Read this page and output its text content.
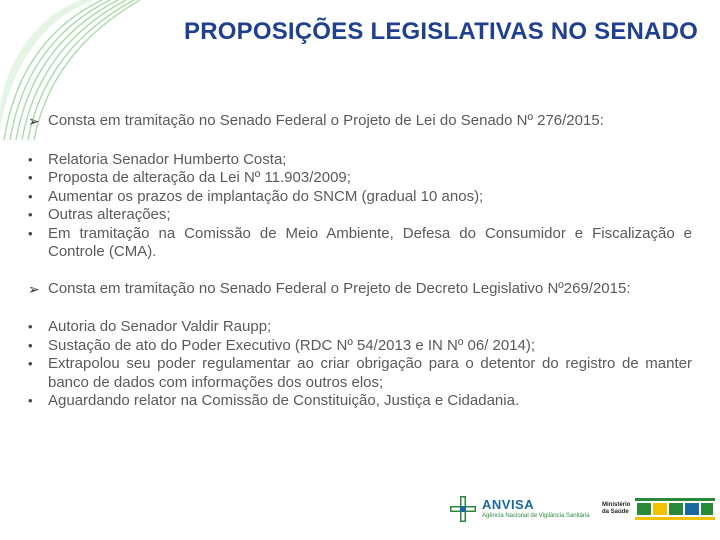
PROPOSIÇÕES LEGISLATIVAS NO SENADO
➢ Consta em tramitação no Senado Federal o Projeto de Lei do Senado Nº 276/2015:
•	Relatoria Senador Humberto Costa;
•	Proposta de alteração da Lei Nº 11.903/2009;
•	Aumentar os prazos de implantação do SNCM (gradual 10 anos);
•	Outras alterações;
•	Em tramitação na Comissão de Meio Ambiente, Defesa do Consumidor e Fiscalização e Controle (CMA).
➢ Consta em tramitação no Senado Federal o Prejeto de Decreto Legislativo Nº269/2015:
•	Autoria do Senador Valdir Raupp;
•	Sustação de ato do Poder Executivo (RDC Nº 54/2013 e IN Nº 06/ 2014);
•	Extrapolou seu poder regulamentar ao criar obrigação para o detentor do registro de manter banco de dados com informações dos outros elos;
•	Aguardando relator na Comissão de Constituição, Justiça e Cidadania.
ANVISA
Agência Nacional de Vigilância Sanitária
Ministério
da Saúde
